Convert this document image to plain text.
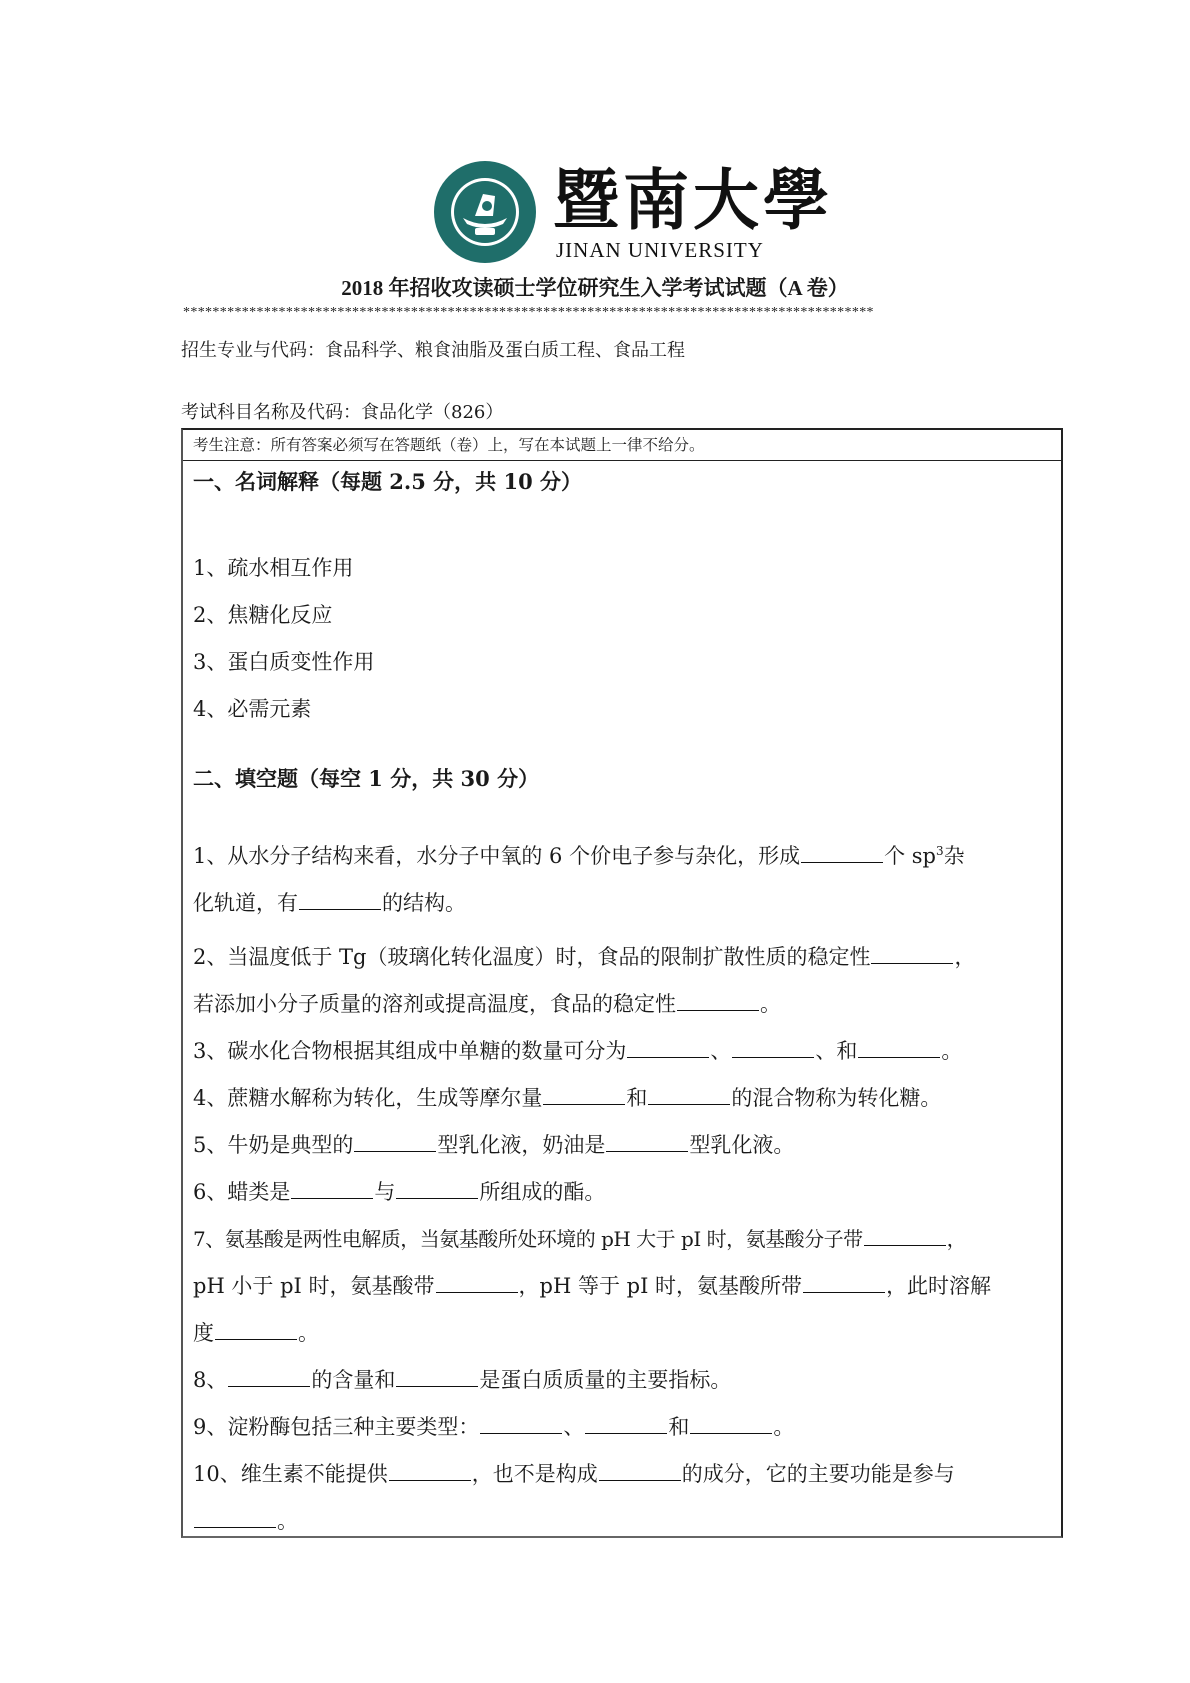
暨南大學
JINAN UNIVERSITY
2018 年招收攻读硕士学位研究生入学考试试题（A 卷）
**********************************************************************************************
招生专业与代码：食品科学、粮食油脂及蛋白质工程、食品工程
考试科目名称及代码：食品化学（826）
考生注意：所有答案必须写在答题纸（卷）上，写在本试题上一律不给分。
一、名词解释（每题 2.5 分，共 10 分）
1、疏水相互作用
2、焦糖化反应
3、蛋白质变性作用
4、必需元素
二、填空题（每空 1 分，共 30 分）
1、从水分子结构来看，水分子中氧的 6 个价电子参与杂化，形成	个 $sp^3$杂
化轨道，有	的结构。
2、当温度低于 Tg（玻璃化转化温度）时，食品的限制扩散性质的稳定性	，
若添加小分子质量的溶剂或提高温度，食品的稳定性	。
3、碳水化合物根据其组成中单糖的数量可分为	、	、和	。
4、蔗糖水解称为转化，生成等摩尔量	和	的混合物称为转化糖。
5、牛奶是典型的	型乳化液，奶油是	型乳化液。
6、蜡类是	与	所组成的酯。
7、氨基酸是两性电解质，当氨基酸所处环境的 pH 大于 pI 时，氨基酸分子带	，
pH 小于 pI 时，氨基酸带	，pH 等于 pI 时，氨基酸所带	，此时溶解
度	。
8、	的含量和	是蛋白质质量的主要指标。
9、淀粉酶包括三种主要类型：	、	和	。
10、维生素不能提供	，也不是构成	的成分，它的主要功能是参与
。
